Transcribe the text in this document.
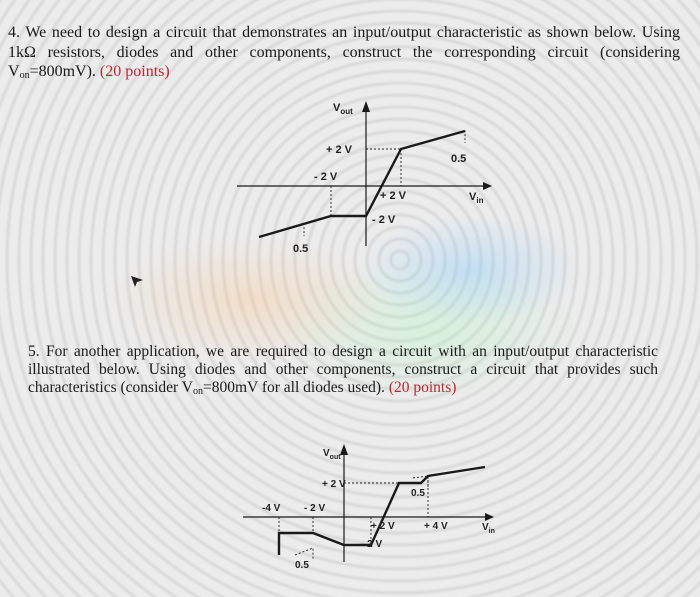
4. We need to design a circuit that demonstrates an input/output characteristic as shown below. Using 1kΩ resistors, diodes and other components, construct the corresponding circuit (considering $V_{on}=800mV$). (20 points)
$V_{out}$
$V_{in}$
+ 2 V
- 2 V
+ 2 V
- 2 V
0.5
0.5
$V_{out}$
$V_{in}$
+ 2 V
-4 V - 2 V
+ 2 V	+ 4 V
- 2 V
0.5
0.5
5. For another application, we are required to design a circuit with an input/output characteristic illustrated below. Using diodes and other components, construct a circuit that provides such characteristics (consider $V_{on}=800mV$ for all diodes used). (20 points)
